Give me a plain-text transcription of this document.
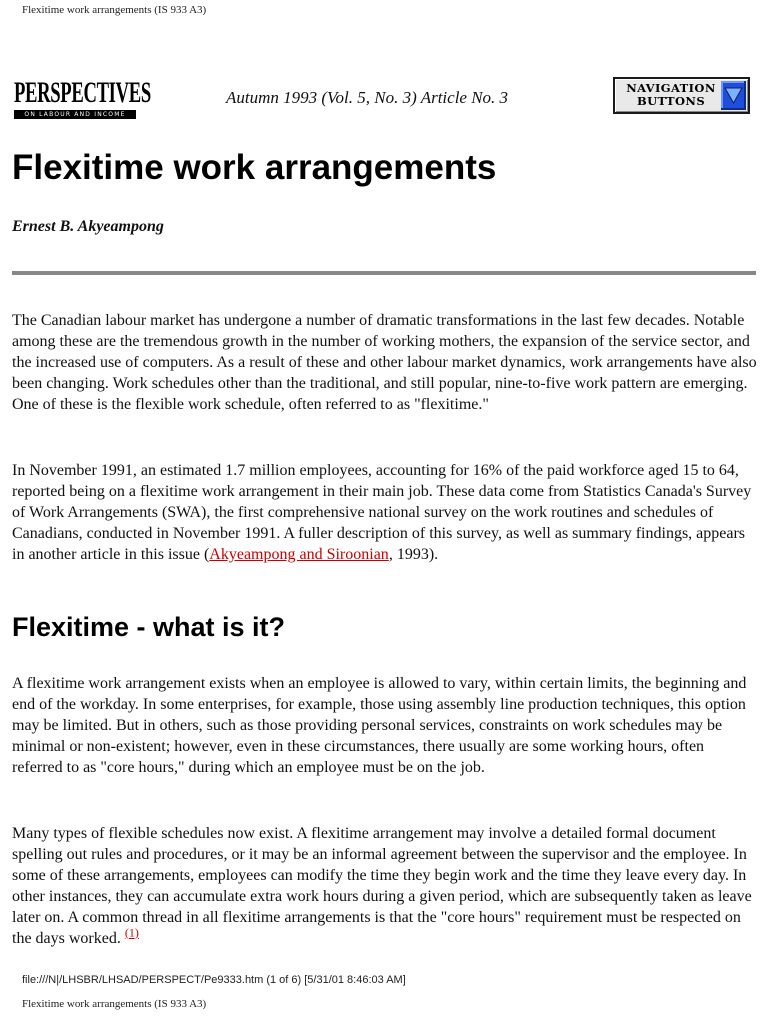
Flexitime work arrangements (IS 933 A3)
PERSPECTIVES
ON LABOUR AND INCOME
Autumn 1993 (Vol. 5, No. 3) Article No. 3	NAVIGATION
BUTTONS
Flexitime work arrangements
Ernest B. Akyeampong

The Canadian labour market has undergone a number of dramatic transformations in the last few decades. Notable among these are the tremendous growth in the number of working mothers, the expansion of the service sector, and the increased use of computers. As a result of these and other labour market dynamics, work arrangements have also been changing. Work schedules other than the traditional, and still popular, nine-to-five work pattern are emerging. One of these is the flexible work schedule, often referred to as "flexitime."

In November 1991, an estimated 1.7 million employees, accounting for 16% of the paid workforce aged 15 to 64, reported being on a flexitime work arrangement in their main job. These data come from Statistics Canada's Survey of Work Arrangements (SWA), the first comprehensive national survey on the work routines and schedules of Canadians, conducted in November 1991. A fuller description of this survey, as well as summary findings, appears in another article in this issue (Akyeampong and Siroonian, 1993).

Flexitime - what is it?

A flexitime work arrangement exists when an employee is allowed to vary, within certain limits, the beginning and end of the workday. In some enterprises, for example, those using assembly line production techniques, this option may be limited. But in others, such as those providing personal services, constraints on work schedules may be minimal or non-existent; however, even in these circumstances, there usually are some working hours, often referred to as "core hours," during which an employee must be on the job.

Many types of flexible schedules now exist. A flexitime arrangement may involve a detailed formal document spelling out rules and procedures, or it may be an informal agreement between the supervisor and the employee. In some of these arrangements, employees can modify the time they begin work and the time they leave every day. In other instances, they can accumulate extra work hours during a given period, which are subsequently taken as leave later on. A common thread in all flexitime arrangements is that the "core hours" requirement must be respected on the days worked. $^{(1)}$

file:///N|/LHSBR/LHSAD/PERSPECT/Pe9333.htm (1 of 6) [5/31/01 8:46:03 AM]
Flexitime work arrangements (IS 933 A3)
